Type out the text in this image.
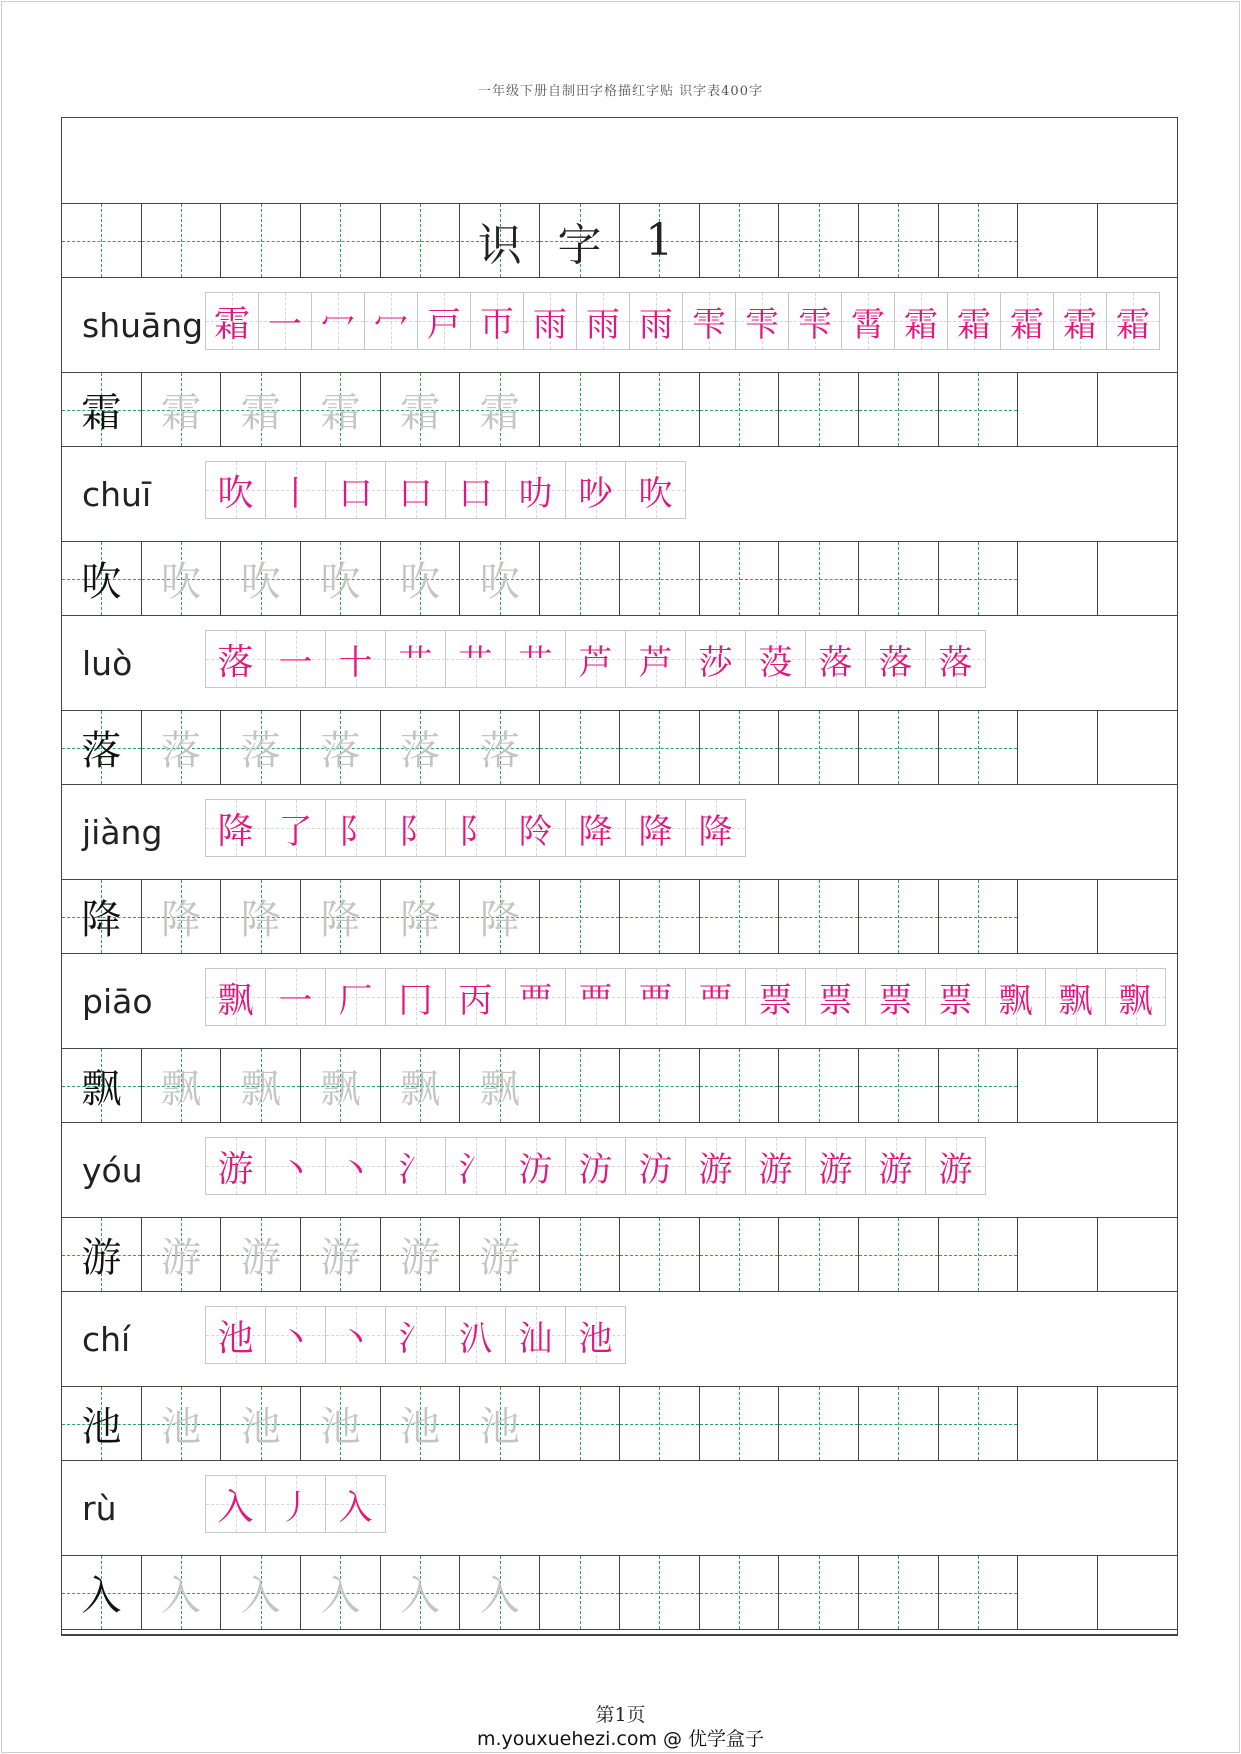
一年级下册自制田字格描红字贴 识字表400字
识 字 1
shuāng 霜 一 冖 冖 戸 帀 雨 雨 雨 雫 雫 雫 霄 霜 霜 霜 霜 霜
霜 霜 霜 霜 霜 霜
chuī	吹 丨 口 口 口 叻 吵 吹
吹 吹 吹 吹 吹 吹
luò	落 一 十 艹 艹 艹 芦 芦 莎 莈 落 落 落
落 落 落 落 落 落
jiàng	降 了 阝 阝 阝 阾 降 降 降
降 降 降 降 降 降
piāo	飘 一 厂 冂 丙 覀 覀 覀 覀 票 票 票 票 飘 飘 飘
飘 飘 飘 飘 飘 飘
yóu	游 丶 丶 氵 氵 汸 汸 汸 游 游 游 游 游
游 游 游 游 游 游
chí	池 丶 丶 氵 汃 汕 池
池 池 池 池 池 池
rù	入 丿 入
入 入 入 入 入 入
第1页
m.youxuehezi.com @ 优学盒子
